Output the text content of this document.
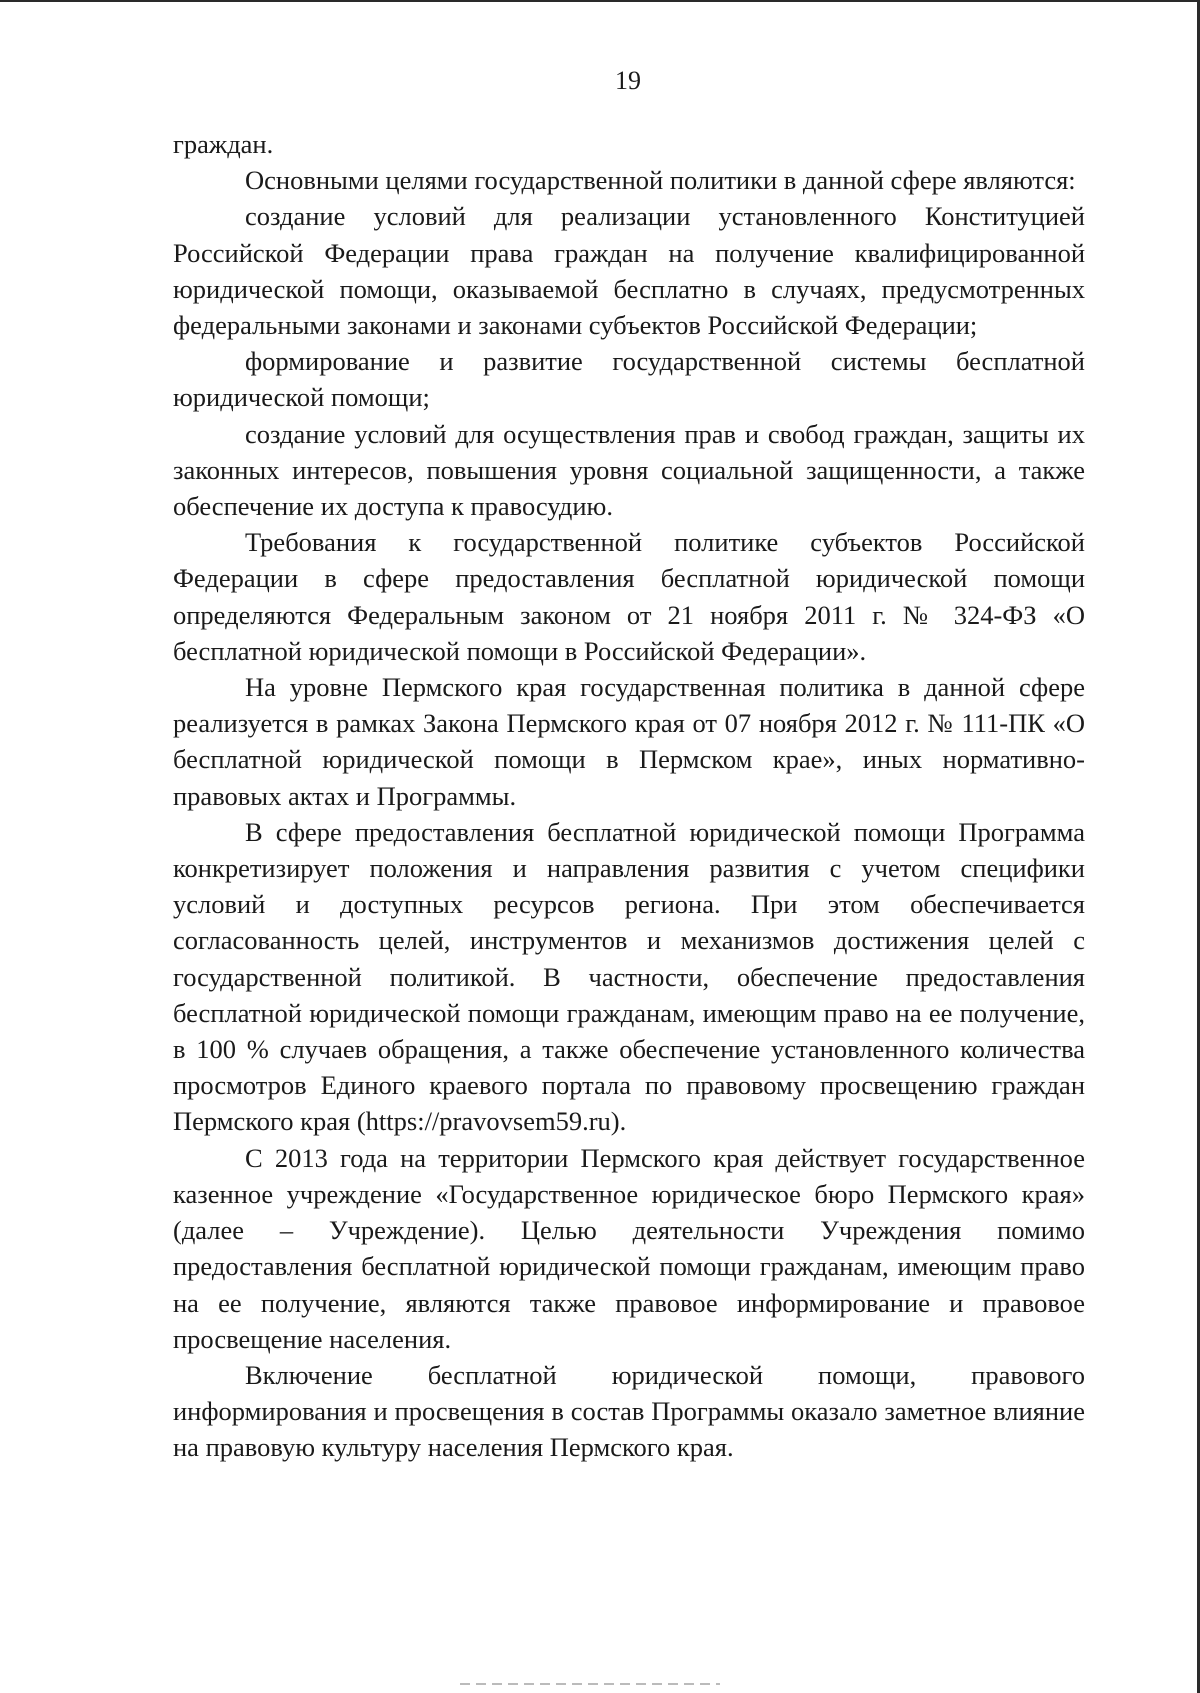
19

граждан.

Основными целями государственной политики в данной сфере являются:

создание условий для реализации установленного Конституцией Российской Федерации права граждан на получение квалифицированной юридической помощи, оказываемой бесплатно в случаях, предусмотренных федеральными законами и законами субъектов Российской Федерации;

формирование и развитие государственной системы бесплатной юридической помощи;

создание условий для осуществления прав и свобод граждан, защиты их законных интересов, повышения уровня социальной защищенности, а также обеспечение их доступа к правосудию.

Требования к государственной политике субъектов Российской Федерации в сфере предоставления бесплатной юридической помощи определяются Федеральным законом от 21 ноября 2011 г. № 324-ФЗ «О бесплатной юридической помощи в Российской Федерации».

На уровне Пермского края государственная политика в данной сфере реализуется в рамках Закона Пермского края от 07 ноября 2012 г. № 111-ПК «О бесплатной юридической помощи в Пермском крае», иных нормативно-правовых актах и Программы.

В сфере предоставления бесплатной юридической помощи Программа конкретизирует положения и направления развития с учетом специфики условий и доступных ресурсов региона. При этом обеспечивается согласованность целей, инструментов и механизмов достижения целей с государственной политикой. В частности, обеспечение предоставления бесплатной юридической помощи гражданам, имеющим право на ее получение, в 100 % случаев обращения, а также обеспечение установленного количества просмотров Единого краевого портала по правовому просвещению граждан Пермского края (https://pravovsem59.ru).

С 2013 года на территории Пермского края действует государственное казенное учреждение «Государственное юридическое бюро Пермского края» (далее – Учреждение). Целью деятельности Учреждения помимо предоставления бесплатной юридической помощи гражданам, имеющим право на ее получение, являются также правовое информирование и правовое просвещение населения.

Включение бесплатной юридической помощи, правового информирования и просвещения в состав Программы оказало заметное влияние на правовую культуру населения Пермского края.
